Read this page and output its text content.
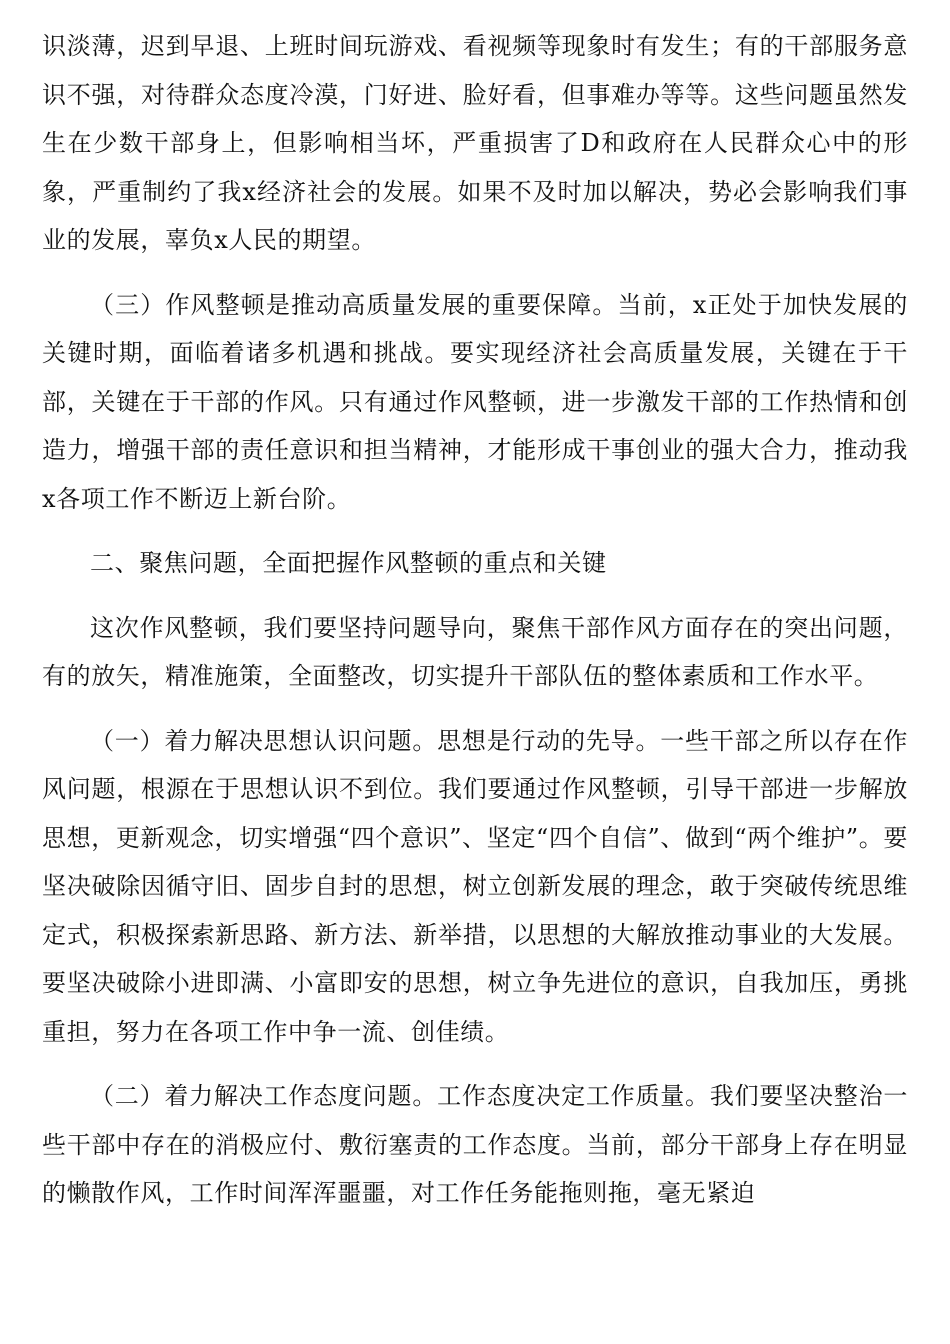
识淡薄，迟到早退、上班时间玩游戏、看视频等现象时有发生；有的干部服务意识不强，对待群众态度冷漠，门好进、脸好看，但事难办等等。这些问题虽然发生在少数干部身上，但影响相当坏，严重损害了D和政府在人民群众心中的形象，严重制约了我x经济社会的发展。如果不及时加以解决，势必会影响我们事业的发展，辜负x人民的期望。

（三）作风整顿是推动高质量发展的重要保障。当前，x正处于加快发展的关键时期，面临着诸多机遇和挑战。要实现经济社会高质量发展，关键在于干部，关键在于干部的作风。只有通过作风整顿，进一步激发干部的工作热情和创造力，增强干部的责任意识和担当精神，才能形成干事创业的强大合力，推动我x各项工作不断迈上新台阶。

二、聚焦问题，全面把握作风整顿的重点和关键

这次作风整顿，我们要坚持问题导向，聚焦干部作风方面存在的突出问题，有的放矢，精准施策，全面整改，切实提升干部队伍的整体素质和工作水平。

（一）着力解决思想认识问题。思想是行动的先导。一些干部之所以存在作风问题，根源在于思想认识不到位。我们要通过作风整顿，引导干部进一步解放思想，更新观念，切实增强“四个意识”、坚定“四个自信”、做到“两个维护”。要坚决破除因循守旧、固步自封的思想，树立创新发展的理念，敢于突破传统思维定式，积极探索新思路、新方法、新举措，以思想的大解放推动事业的大发展。要坚决破除小进即满、小富即安的思想，树立争先进位的意识，自我加压，勇挑重担，努力在各项工作中争一流、创佳绩。

（二）着力解决工作态度问题。工作态度决定工作质量。我们要坚决整治一些干部中存在的消极应付、敷衍塞责的工作态度。当前，部分干部身上存在明显的懒散作风，工作时间浑浑噩噩，对工作任务能拖则拖，毫无紧迫
